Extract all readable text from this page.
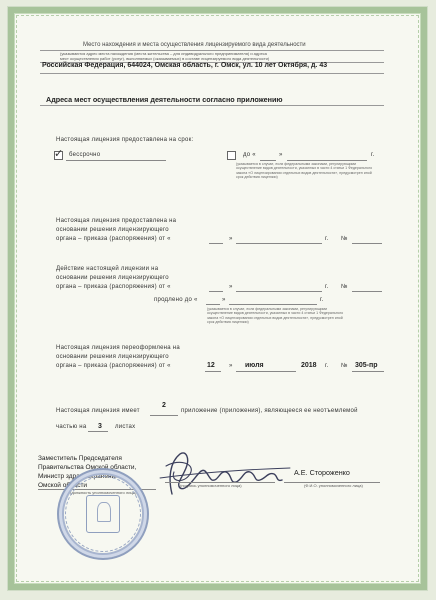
Место нахождения и места осуществления лицензируемого вида деятельности
(указываются адрес места нахождения (места жительства – для индивидуального предпринимателя) и адреса
мест осуществления работ (услуг), выполняемых (оказываемых) в составе лицензируемого вида деятельности)
Российская Федерация, 644024, Омская область, г. Омск, ул. 10 лет Октября, д. 43
Адреса мест осуществления деятельности согласно приложению
Настоящая лицензия предоставлена на срок:
✓ бессрочно	до «	»	г.
(указывается в случае, если федеральными законами, регулирующими осуществление видов деятельности, указанных в части 4 статьи 1 Федерального закона «О лицензировании отдельных видов деятельности», предусмотрен иной срок действия лицензии)
Настоящая лицензия предоставлена на
основании решения лицензирующего
органа – приказа (распоряжения) от «	»	г. №
Действие настоящей лицензии на
основании решения лицензирующего
органа – приказа (распоряжения) от «	»	г. №
продлено до «	»	г.
(указывается в случае, если федеральными законами, регулирующими осуществление видов деятельности, указанных в части 4 статьи 1 Федерального закона «О лицензировании отдельных видов деятельности», предусмотрен иной срок действия лицензии)
Настоящая лицензия переоформлена на
основании решения лицензирующего
органа – приказа (распоряжения) от «	12 » июля	2018 г. № 305-пр
Настоящая лицензия имеет
2
приложение (приложения), являющееся ее неотъемлемой
частью на 3 листах
Заместитель Председателя
Правительства Омской области,
Министр здравоохранения
Омской области
(должность уполномоченного лица)
(подпись уполномоченного лица)
А.Е. Стороженко
(Ф.И.О. уполномоченного лица)
